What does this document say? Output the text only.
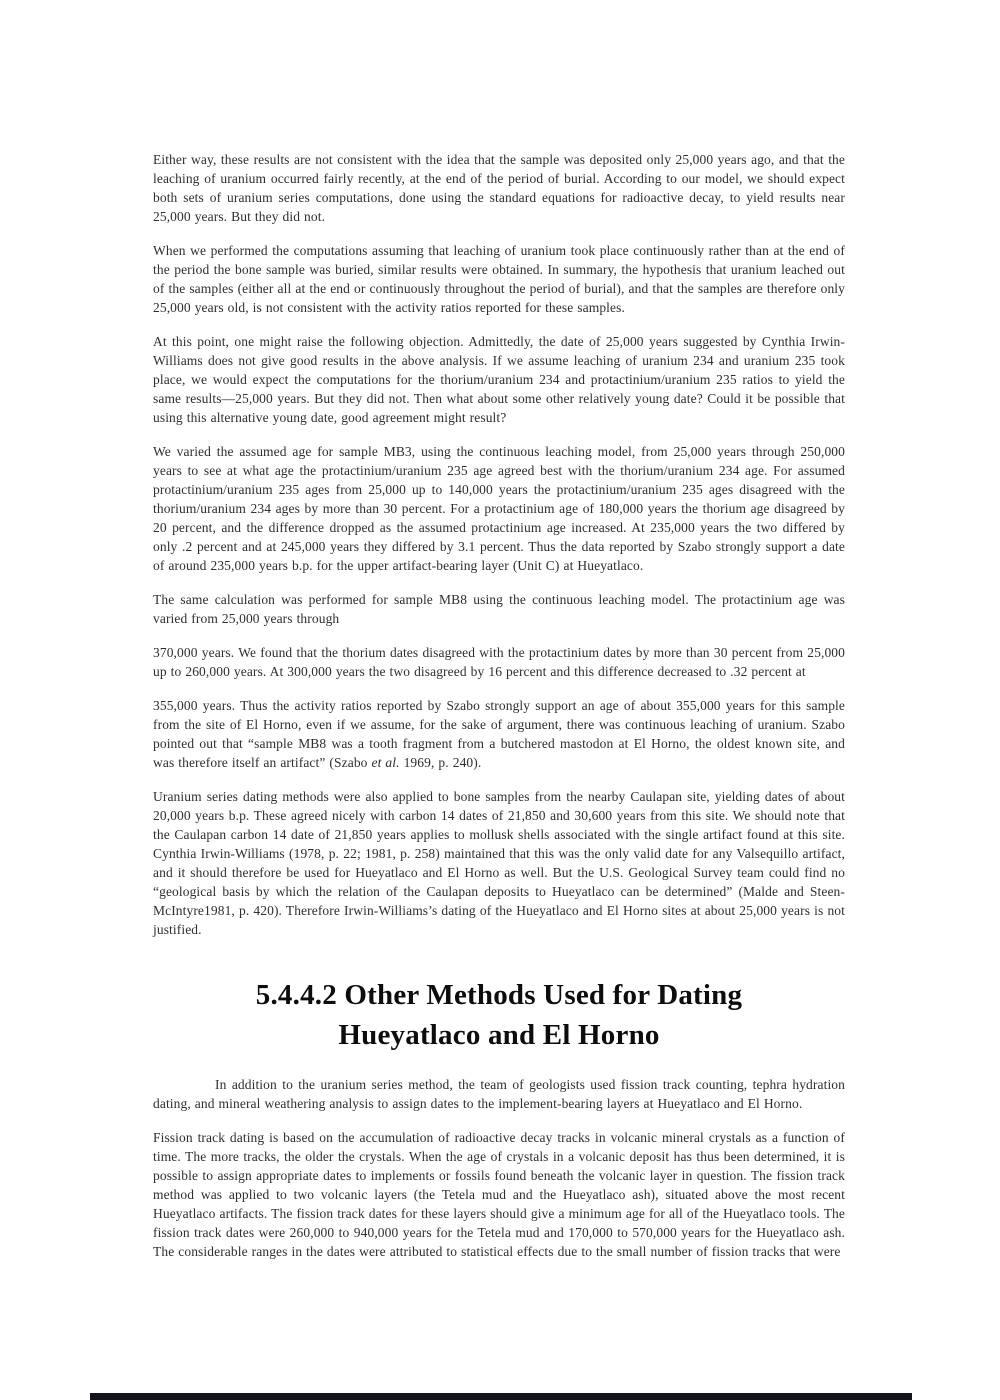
Either way, these results are not consistent with the idea that the sample was deposited only 25,000 years ago, and that the leaching of uranium occurred fairly recently, at the end of the period of burial. According to our model, we should expect both sets of uranium series computations, done using the standard equations for radioactive decay, to yield results near 25,000 years. But they did not.

When we performed the computations assuming that leaching of uranium took place continuously rather than at the end of the period the bone sample was buried, similar results were obtained. In summary, the hypothesis that uranium leached out of the samples (either all at the end or continuously throughout the period of burial), and that the samples are therefore only 25,000 years old, is not consistent with the activity ratios reported for these samples.

At this point, one might raise the following objection. Admittedly, the date of 25,000 years suggested by Cynthia Irwin-Williams does not give good results in the above analysis. If we assume leaching of uranium 234 and uranium 235 took place, we would expect the computations for the thorium/uranium 234 and protactinium/uranium 235 ratios to yield the same results—25,000 years. But they did not. Then what about some other relatively young date? Could it be possible that using this alternative young date, good agreement might result?

We varied the assumed age for sample MB3, using the continuous leaching model, from 25,000 years through 250,000 years to see at what age the protactinium/uranium 235 age agreed best with the thorium/uranium 234 age. For assumed protactinium/uranium 235 ages from 25,000 up to 140,000 years the protactinium/uranium 235 ages disagreed with the thorium/uranium 234 ages by more than 30 percent. For a protactinium age of 180,000 years the thorium age disagreed by 20 percent, and the difference dropped as the assumed protactinium age increased. At 235,000 years the two differed by only .2 percent and at 245,000 years they differed by 3.1 percent. Thus the data reported by Szabo strongly support a date of around 235,000 years b.p. for the upper artifact-bearing layer (Unit C) at Hueyatlaco.

The same calculation was performed for sample MB8 using the continuous leaching model. The protactinium age was varied from 25,000 years through

370,000 years. We found that the thorium dates disagreed with the protactinium dates by more than 30 percent from 25,000 up to 260,000 years. At 300,000 years the two disagreed by 16 percent and this difference decreased to .32 percent at

355,000 years. Thus the activity ratios reported by Szabo strongly support an age of about 355,000 years for this sample from the site of El Horno, even if we assume, for the sake of argument, there was continuous leaching of uranium. Szabo pointed out that “sample MB8 was a tooth fragment from a butchered mastodon at El Horno, the oldest known site, and was therefore itself an artifact” (Szabo et al. 1969, p. 240).

Uranium series dating methods were also applied to bone samples from the nearby Caulapan site, yielding dates of about 20,000 years b.p. These agreed nicely with carbon 14 dates of 21,850 and 30,600 years from this site. We should note that the Caulapan carbon 14 date of 21,850 years applies to mollusk shells associated with the single artifact found at this site. Cynthia Irwin-Williams (1978, p. 22; 1981, p. 258) maintained that this was the only valid date for any Valsequillo artifact, and it should therefore be used for Hueyatlaco and El Horno as well. But the U.S. Geological Survey team could find no “geological basis by which the relation of the Caulapan deposits to Hueyatlaco can be determined” (Malde and Steen-McIntyre1981, p. 420). Therefore Irwin-Williams’s dating of the Hueyatlaco and El Horno sites at about 25,000 years is not justified.

5.4.4.2 Other Methods Used for Dating
Hueyatlaco and El Horno

In addition to the uranium series method, the team of geologists used fission track counting, tephra hydration dating, and mineral weathering analysis to assign dates to the implement-bearing layers at Hueyatlaco and El Horno.

Fission track dating is based on the accumulation of radioactive decay tracks in volcanic mineral crystals as a function of time. The more tracks, the older the crystals. When the age of crystals in a volcanic deposit has thus been determined, it is possible to assign appropriate dates to implements or fossils found beneath the volcanic layer in question. The fission track method was applied to two volcanic layers (the Tetela mud and the Hueyatlaco ash), situated above the most recent Hueyatlaco artifacts. The fission track dates for these layers should give a minimum age for all of the Hueyatlaco tools. The fission track dates were 260,000 to 940,000 years for the Tetela mud and 170,000 to 570,000 years for the Hueyatlaco ash. The considerable ranges in the dates were attributed to statistical effects due to the small number of fission tracks that were
